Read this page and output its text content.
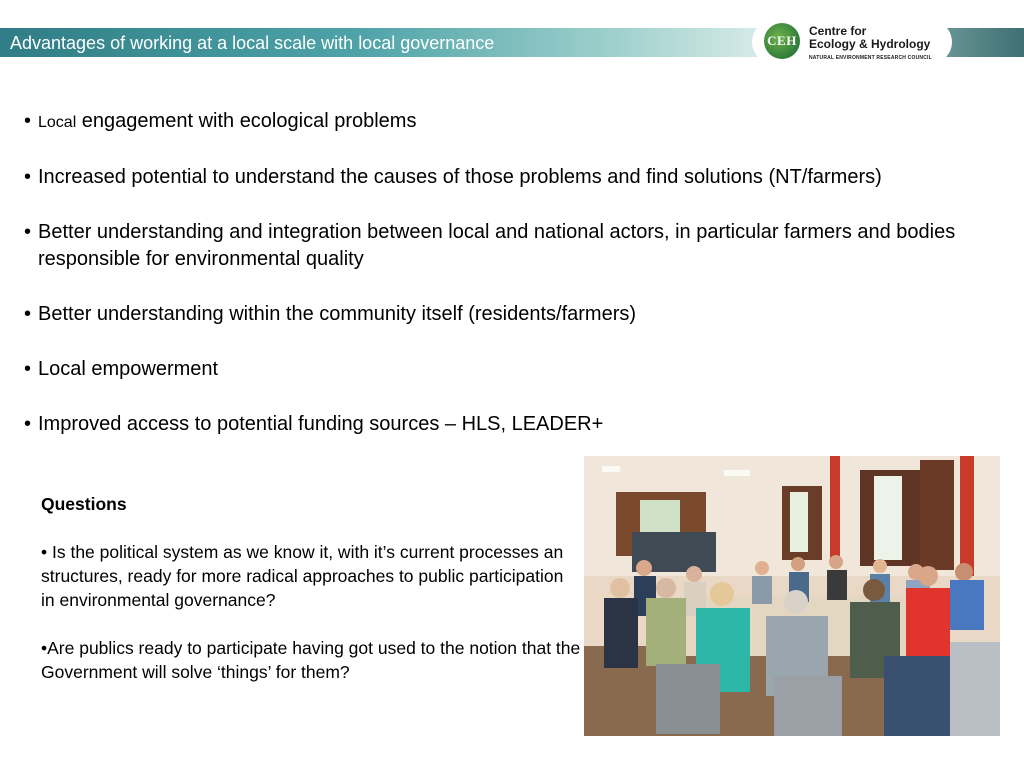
Advantages of working at a local scale with local governance	CEH
Centre for
Ecology & Hydrology
NATURAL ENVIRONMENT RESEARCH COUNCIL
• Local engagement with ecological problems
• Increased potential to understand the causes of those problems and find solutions (NT/farmers)
• Better understanding and integration between local and national actors, in particular farmers and bodies responsible for environmental quality
• Better understanding within the community itself (residents/farmers)
• Local empowerment
• Improved access to potential funding sources – HLS, LEADER+
Questions
• Is the political system as we know it, with it’s current processes an structures, ready for more radical approaches to public participation in environmental governance?
•Are publics ready to participate having got used to the notion that the Government will solve ‘things’ for them?
